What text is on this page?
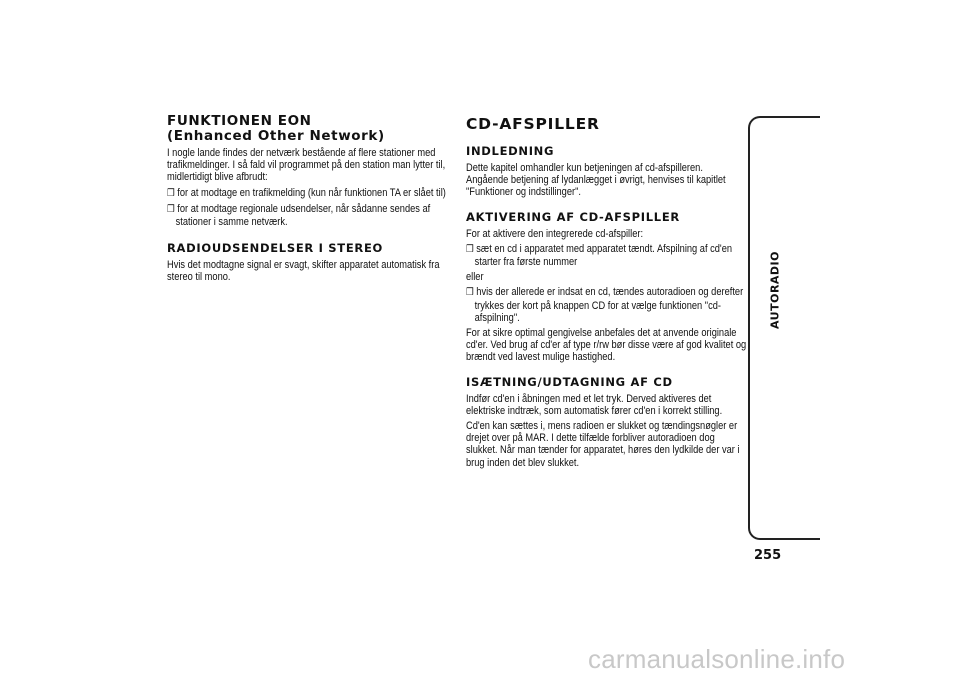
FUNKTIONEN EON
(Enhanced Other Network)

I nogle lande findes der netværk bestående af flere stationer med trafikmeldinger. I så fald vil programmet på den station man lytter til, midlertidigt blive afbrudt:

❒ for at modtage en trafikmelding (kun når funktionen TA er slået til)

❒ for at modtage regionale udsendelser, når sådanne sendes af stationer i samme netværk.

RADIOUDSENDELSER I STEREO

Hvis det modtagne signal er svagt, skifter apparatet automatisk fra stereo til mono.

CD-AFSPILLER
INDLEDNING

Dette kapitel omhandler kun betjeningen af cd-afspilleren. Angående betjening af lydanlægget i øvrigt, henvises til kapitlet "Funktioner og indstillinger".

AKTIVERING AF CD-AFSPILLER

For at aktivere den integrerede cd-afspiller:

❒ sæt en cd i apparatet med apparatet tændt. Afspilning af cd'en starter fra første nummer

eller

❒ hvis der allerede er indsat en cd, tændes autoradioen og derefter trykkes der kort på knappen CD for at vælge funktionen "cd-afspilning".

For at sikre optimal gengivelse anbefales det at anvende originale cd'er. Ved brug af cd'er af type r/rw bør disse være af god kvalitet og brændt ved lavest mulige hastighed.

ISÆTNING/UDTAGNING AF CD

Indfør cd'en i åbningen med et let tryk. Derved aktiveres det elektriske indtræk, som automatisk fører cd'en i korrekt stilling.

Cd'en kan sættes i, mens radioen er slukket og tændingsnøgler er drejet over på MAR. I dette tilfælde forbliver autoradioen dog slukket. Når man tænder for apparatet, høres den lydkilde der var i brug inden det blev slukket.

AUTORADIO
255
carmanualsonline.info
